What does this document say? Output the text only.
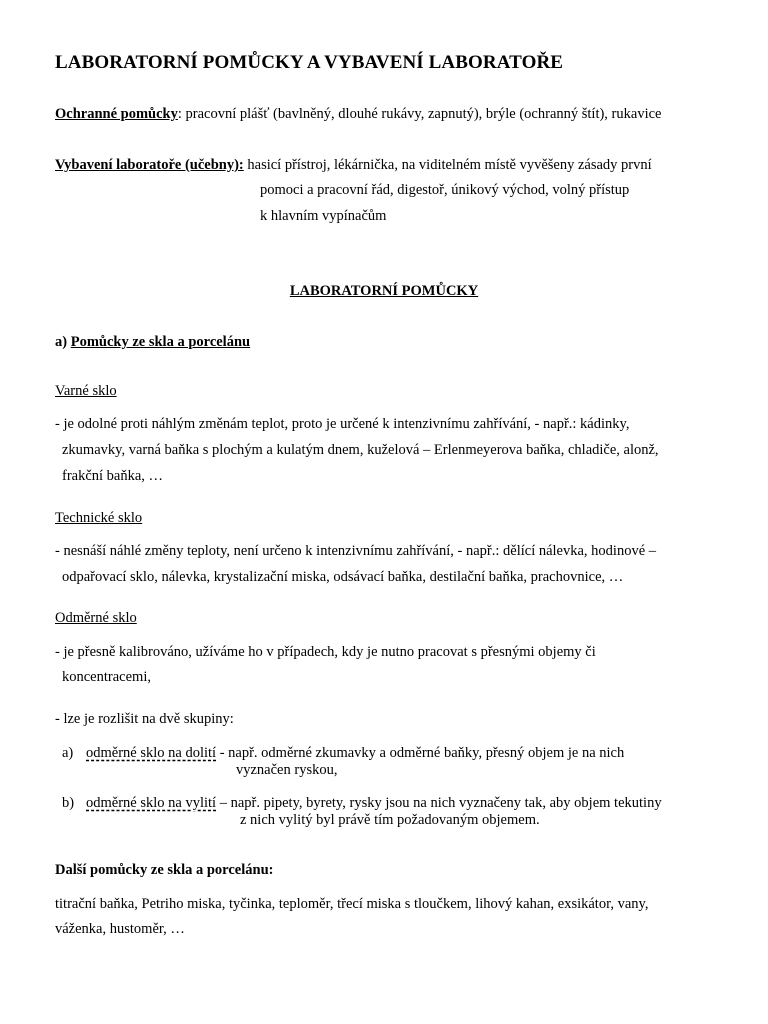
LABORATORNÍ POMŮCKY A VYBAVENÍ LABORATOŘE
Ochranné pomůcky: pracovní plášť (bavlněný, dlouhé rukávy, zapnutý), brýle (ochranný štít), rukavice
Vybavení laboratoře (učebny): hasicí přístroj, lékárnička, na viditelném místě vyvěšeny zásady první
pomoci a pracovní řád, digestoř, únikový východ, volný přístup
k hlavním vypínačům
LABORATORNÍ POMŮCKY
a) Pomůcky ze skla a porcelánu
Varné sklo
- je odolné proti náhlým změnám teplot, proto je určené k intenzivnímu zahřívání, - např.: kádinky,
zkumavky, varná baňka s plochým a kulatým dnem, kuželová – Erlenmeyerova baňka, chladiče, alonž,
frakční baňka, …
Technické sklo
- nesnáší náhlé změny teploty, není určeno k intenzivnímu zahřívání, - např.: dělící nálevka, hodinové –
odpařovací sklo, nálevka, krystalizační miska, odsávací baňka, destilační baňka, prachovnice, …
Odměrné sklo
- je přesně kalibrováno, užíváme ho v případech, kdy je nutno pracovat s přesnými objemy či
koncentracemi,
- lze je rozlišit na dvě skupiny:
a) odměrné sklo na dolití - např. odměrné zkumavky a odměrné baňky, přesný objem je na nich
vyznačen ryskou,
b) odměrné sklo na vylití – např. pipety, byrety, rysky jsou na nich vyznačeny tak, aby objem tekutiny
z nich vylitý byl právě tím požadovaným objemem.
Další pomůcky ze skla a porcelánu:
titrační baňka, Petriho miska, tyčinka, teploměr, třecí miska s tloučkem, lihový kahan, exsikátor, vany,
váženka, hustoměr, …
